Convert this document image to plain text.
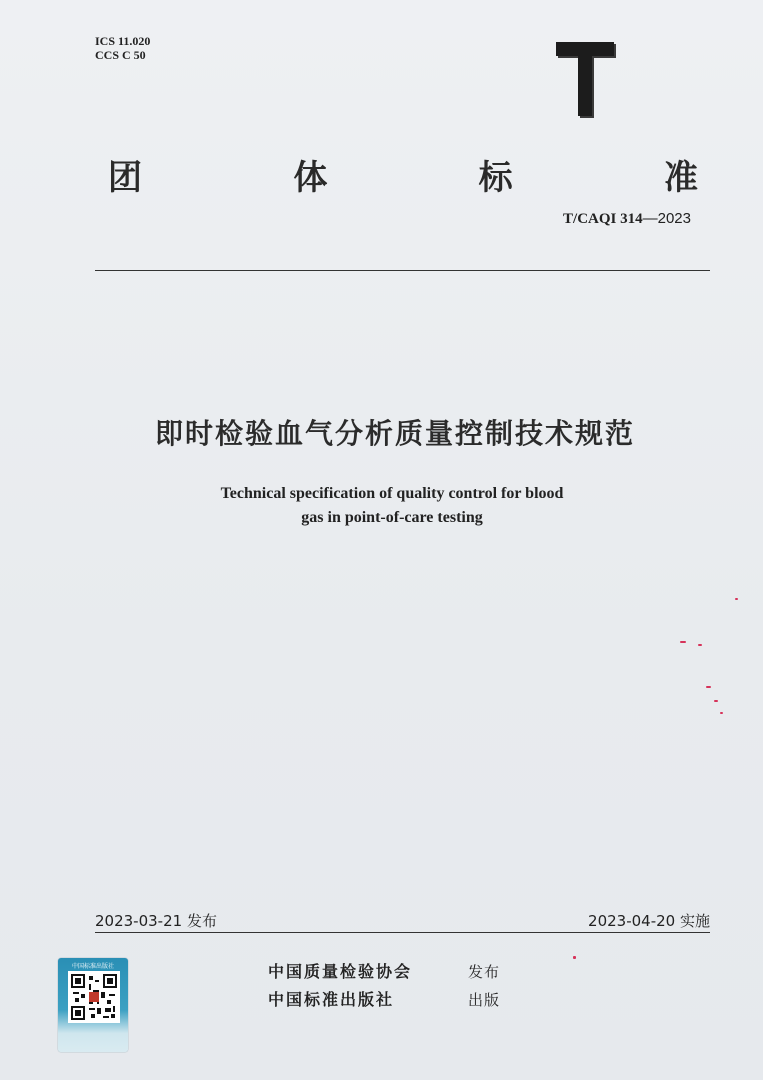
ICS 11.020
CCS C 50
团	体	标	准
T/CAQI 314—2023
即时检验血气分析质量控制技术规范
Technical specification of quality control for blood
gas in point-of-care testing
2023-03-21 发布	2023-04-20 实施
中国质量检验协会	发布
中国标准出版社	出版
中国标准出版社
